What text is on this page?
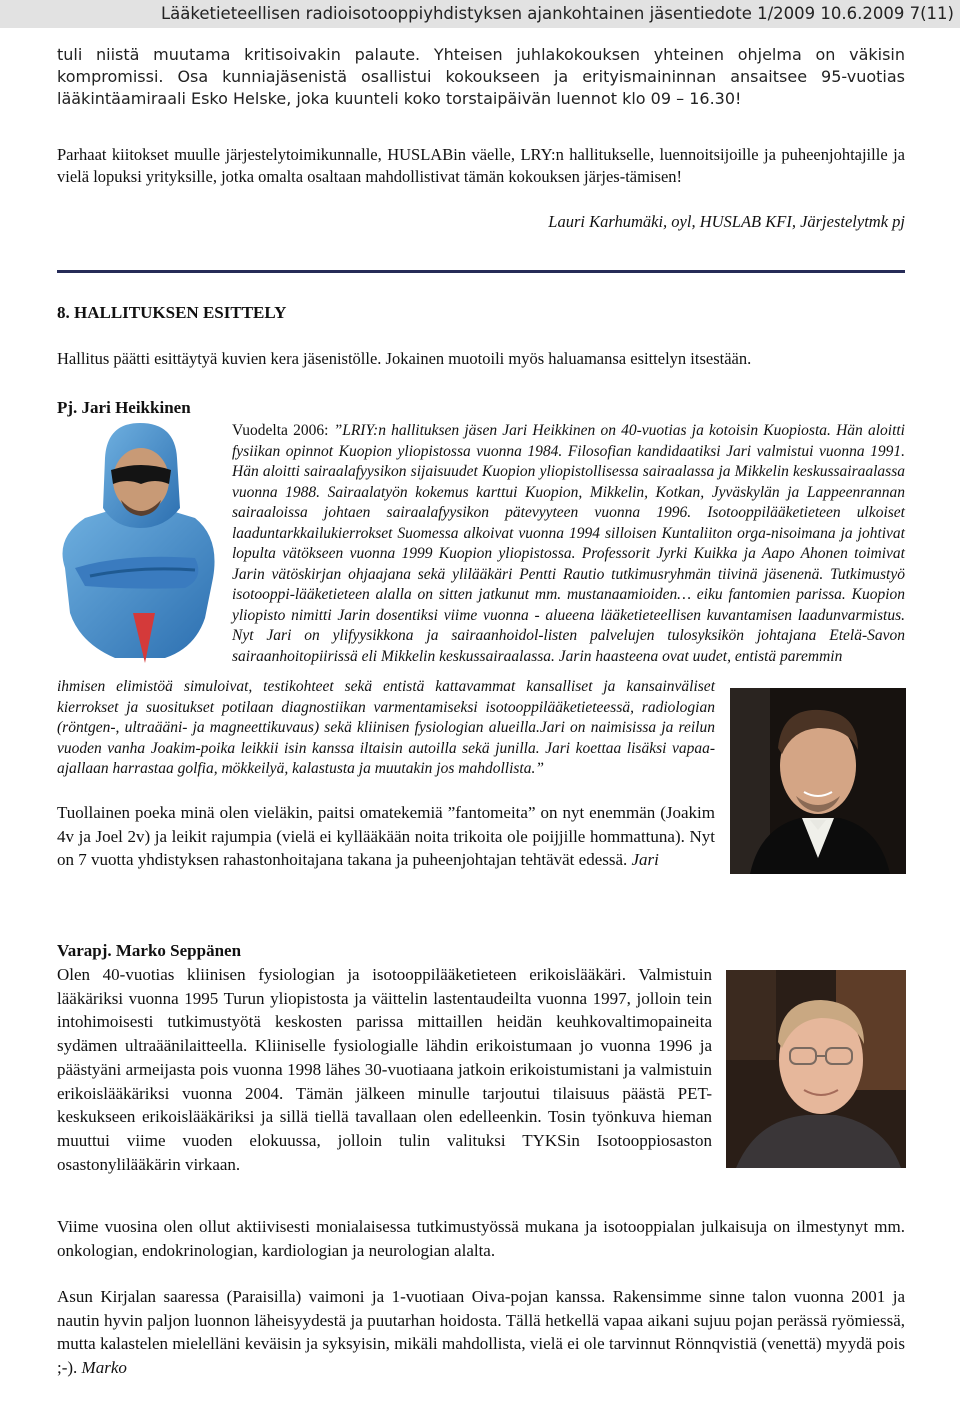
Lääketieteellisen radioisotooppiyhdistyksen ajankohtainen jäsentiedote 1/2009 10.6.2009 7(11)

tuli niistä muutama kritisoivakin palaute. Yhteisen juhlakokouksen yhteinen ohjelma on väkisin kompromissi. Osa kunniajäsenistä osallistui kokoukseen ja erityismaininnan ansaitsee 95-vuotias lääkintäamiraali Esko Helske, joka kuunteli koko torstaipäivän luennot klo 09 – 16.30!

Parhaat kiitokset muulle järjestelytoimikunnalle, HUSLABin väelle, LRY:n hallitukselle, luennoitsijoille ja puheenjohtajille ja vielä lopuksi yrityksille, jotka omalta osaltaan mahdollistivat tämän kokouksen järjes-tämisen!

Lauri Karhumäki, oyl, HUSLAB KFI, Järjestelytmk pj
8. HALLITUKSEN ESITTELY

Hallitus päätti esittäytyä kuvien kera jäsenistölle. Jokainen muotoili myös haluamansa esittelyn itsestään.

Pj. Jari Heikkinen

Vuodelta 2006: ”LRIY:n hallituksen jäsen Jari Heikkinen on 40-vuotias ja kotoisin Kuopiosta. Hän aloitti fysiikan opinnot Kuopion yliopistossa vuonna 1984. Filosofian kandidaatiksi Jari valmistui vuonna 1991. Hän aloitti sairaalafyysikon sijaisuudet Kuopion yliopistollisessa sairaalassa ja Mikkelin keskussairaalassa vuonna 1988. Sairaalatyön kokemus karttui Kuopion, Mikkelin, Kotkan, Jyväskylän ja Lappeenrannan sairaaloissa johtaen sairaalafyysikon pätevyyteen vuonna 1996. Isotooppilääketieteen ulkoiset laaduntarkkailukierrokset Suomessa alkoivat vuonna 1994 silloisen Kuntaliiton orga-nisoimana ja johtivat lopulta vätökseen vuonna 1999 Kuopion yliopistossa. Professorit Jyrki Kuikka ja Aapo Ahonen toimivat Jarin vätöskirjan ohjaajana sekä ylilääkäri Pentti Rautio tutkimusryhmän tiivinä jäsenenä. Tutkimustyö isotooppi-lääketieteen alalla on sitten jatkunut mm. mustanaamioiden… eiku fantomien parissa. Kuopion yliopisto nimitti Jarin dosentiksi viime vuonna - alueena lääketieteellisen kuvantamisen laadunvarmistus. Nyt Jari on ylifyysikkona ja sairaanhoidol-listen palvelujen tulosyksikön johtajana Etelä-Savon sairaanhoitopiirissä eli Mikkelin keskussairaalassa. Jarin haasteena ovat uudet, entistä paremmin

ihmisen elimistöä simuloivat, testikohteet sekä entistä kattavammat kansalliset ja kansainväliset kierrokset ja suositukset potilaan diagnostiikan varmentamiseksi isotooppilääketieteessä, radiologian (röntgen-, ultraääni- ja magneettikuvaus) sekä kliinisen fysiologian alueilla.Jari on naimisissa ja reilun vuoden vanha Joakim-poika leikkii isin kanssa iltaisin autoilla sekä junilla. Jari koettaa lisäksi vapaa-ajallaan harrastaa golfia, mökkeilyä, kalastusta ja muutakin jos mahdollista.”

Tuollainen poeka minä olen vieläkin, paitsi omatekemiä ”fantomeita” on nyt enemmän (Joakim 4v ja Joel 2v) ja leikit rajumpia (vielä ei kyllääkään noita trikoita ole poijjille hommattuna). Nyt on 7 vuotta yhdistyksen rahastonhoitajana takana ja puheenjohtajan tehtävät edessä. Jari

Varapj. Marko Seppänen

Olen 40-vuotias kliinisen fysiologian ja isotooppilääketieteen erikoislääkäri. Valmistuin lääkäriksi vuonna 1995 Turun yliopistosta ja väittelin lastentaudeilta vuonna 1997, jolloin tein intohimoisesti tutkimustyötä keskosten parissa mittaillen heidän keuhkovaltimopaineita sydämen ultraäänilaitteella. Kliiniselle fysiologialle lähdin erikoistumaan jo vuonna 1996 ja päästyäni armeijasta pois vuonna 1998 lähes 30-vuotiaana jatkoin erikoistumistani ja valmistuin erikoislääkäriksi vuonna 2004. Tämän jälkeen minulle tarjoutui tilaisuus päästä PET-keskukseen erikoislääkäriksi ja sillä tiellä tavallaan olen edelleenkin. Tosin työnkuva hieman muuttui viime vuoden elokuussa, jolloin tulin valituksi TYKSin Isotooppiosaston osastonylilääkärin virkaan.

Viime vuosina olen ollut aktiivisesti monialaisessa tutkimustyössä mukana ja isotooppialan julkaisuja on ilmestynyt mm. onkologian, endokrinologian, kardiologian ja neurologian alalta.

Asun Kirjalan saaressa (Paraisilla) vaimoni ja 1-vuotiaan Oiva-pojan kanssa. Rakensimme sinne talon vuonna 2001 ja nautin hyvin paljon luonnon läheisyydestä ja puutarhan hoidosta. Tällä hetkellä vapaa aikani sujuu pojan perässä ryömiessä, mutta kalastelen mielelläni keväisin ja syksyisin, mikäli mahdollista, vielä ei ole tarvinnut Rönnqvistiä (venettä) myydä pois ;-). Marko
